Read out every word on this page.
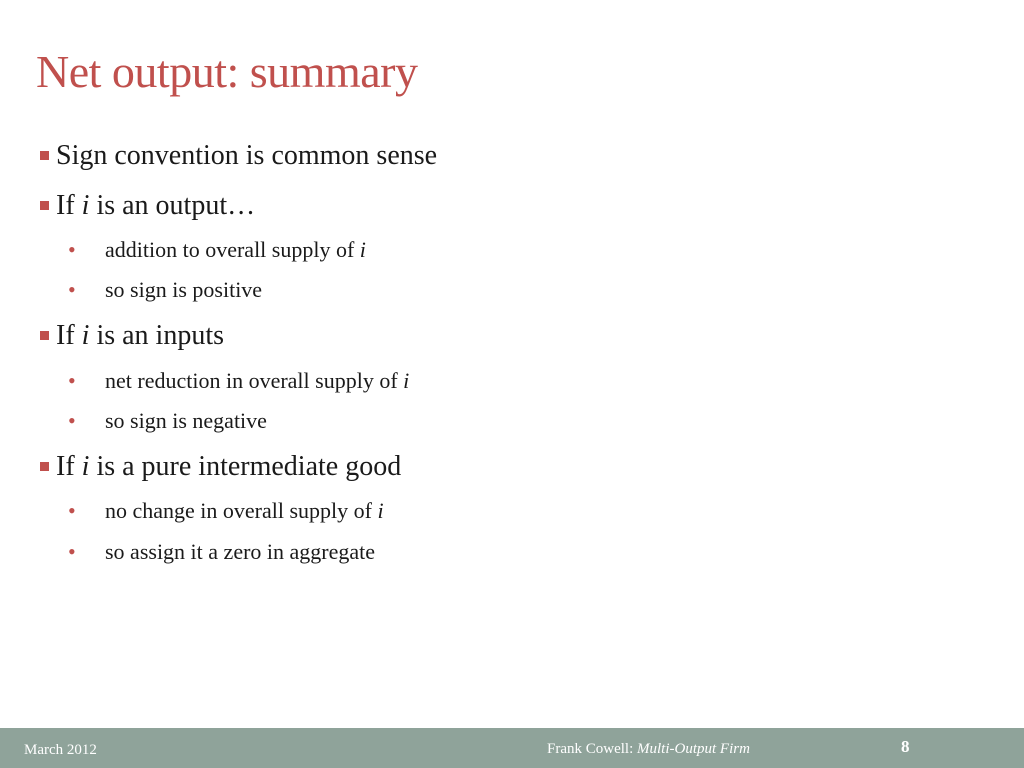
Net output: summary
Sign convention is common sense
If i is an output…
• addition to overall supply of i
• so sign is positive
If i is an inputs
• net reduction in overall supply of i
• so sign is negative
If i is a pure intermediate good
• no change in overall supply of i
• so assign it a zero in aggregate
March 2012	Frank Cowell: Multi-Output Firm	8
